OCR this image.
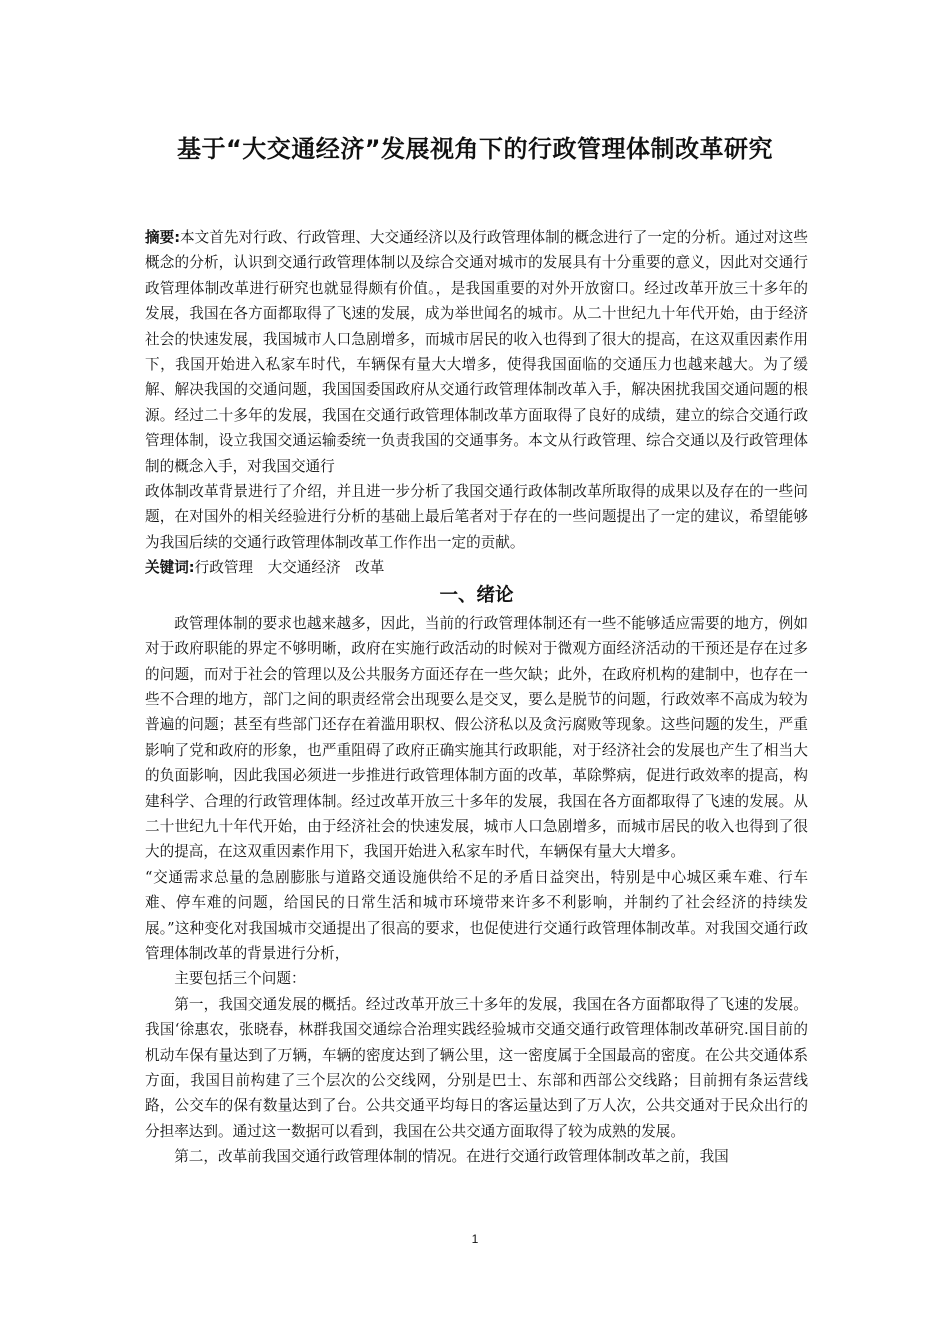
基于“大交通经济”发展视角下的行政管理体制改革研究

摘要:本文首先对行政、行政管理、大交通经济以及行政管理体制的概念进行了一定的分析。通过对这些概念的分析，认识到交通行政管理体制以及综合交通对城市的发展具有十分重要的意义，因此对交通行政管理体制改革进行研究也就显得颇有价值。，是我国重要的对外开放窗口。经过改革开放三十多年的发展，我国在各方面都取得了飞速的发展，成为举世闻名的城市。从二十世纪九十年代开始，由于经济社会的快速发展，我国城市人口急剧增多，而城市居民的收入也得到了很大的提高，在这双重因素作用下，我国开始进入私家车时代，车辆保有量大大增多，使得我国面临的交通压力也越来越大。为了缓解、解决我国的交通问题，我国国委国政府从交通行政管理体制改革入手，解决困扰我国交通问题的根源。经过二十多年的发展，我国在交通行政管理体制改革方面取得了良好的成绩，建立的综合交通行政管理体制，设立我国交通运输委统一负责我国的交通事务。本文从行政管理、综合交通以及行政管理体制的概念入手，对我国交通行

政体制改革背景进行了介绍，并且进一步分析了我国交通行政体制改革所取得的成果以及存在的一些问题，在对国外的相关经验进行分析的基础上最后笔者对于存在的一些问题提出了一定的建议，希望能够为我国后续的交通行政管理体制改革工作作出一定的贡献。

关键词:行政管理　大交通经济　改革

一、绪论

政管理体制的要求也越来越多，因此，当前的行政管理体制还有一些不能够适应需要的地方，例如对于政府职能的界定不够明晰，政府在实施行政活动的时候对于微观方面经济活动的干预还是存在过多的问题，而对于社会的管理以及公共服务方面还存在一些欠缺；此外，在政府机构的建制中，也存在一些不合理的地方，部门之间的职责经常会出现要么是交叉，要么是脱节的问题，行政效率不高成为较为普遍的问题；甚至有些部门还存在着滥用职权、假公济私以及贪污腐败等现象。这些问题的发生，严重影响了党和政府的形象，也严重阻碍了政府正确实施其行政职能，对于经济社会的发展也产生了相当大的负面影响，因此我国必须进一步推进行政管理体制方面的改革，革除弊病，促进行政效率的提高，构建科学、合理的行政管理体制。经过改革开放三十多年的发展，我国在各方面都取得了飞速的发展。从二十世纪九十年代开始，由于经济社会的快速发展，城市人口急剧增多，而城市居民的收入也得到了很大的提高，在这双重因素作用下，我国开始进入私家车时代，车辆保有量大大增多。

“交通需求总量的急剧膨胀与道路交通设施供给不足的矛盾日益突出，特别是中心城区乘车难、行车难、停车难的问题，给国民的日常生活和城市环境带来许多不利影响，并制约了社会经济的持续发展。”这种变化对我国城市交通提出了很高的要求，也促使进行交通行政管理体制改革。对我国交通行政管理体制改革的背景进行分析，

主要包括三个问题：

第一，我国交通发展的概括。经过改革开放三十多年的发展，我国在各方面都取得了飞速的发展。我国‘徐惠农，张晓春，林群我国交通综合治理实践经验城市交通交通行政管理体制改革研究.国目前的机动车保有量达到了万辆，车辆的密度达到了辆公里，这一密度属于全国最高的密度。在公共交通体系方面，我国目前构建了三个层次的公交线网，分别是巴士、东部和西部公交线路；目前拥有条运营线路，公交车的保有数量达到了台。公共交通平均每日的客运量达到了万人次，公共交通对于民众出行的分担率达到。通过这一数据可以看到，我国在公共交通方面取得了较为成熟的发展。

第二，改革前我国交通行政管理体制的情况。在进行交通行政管理体制改革之前，我国

1
